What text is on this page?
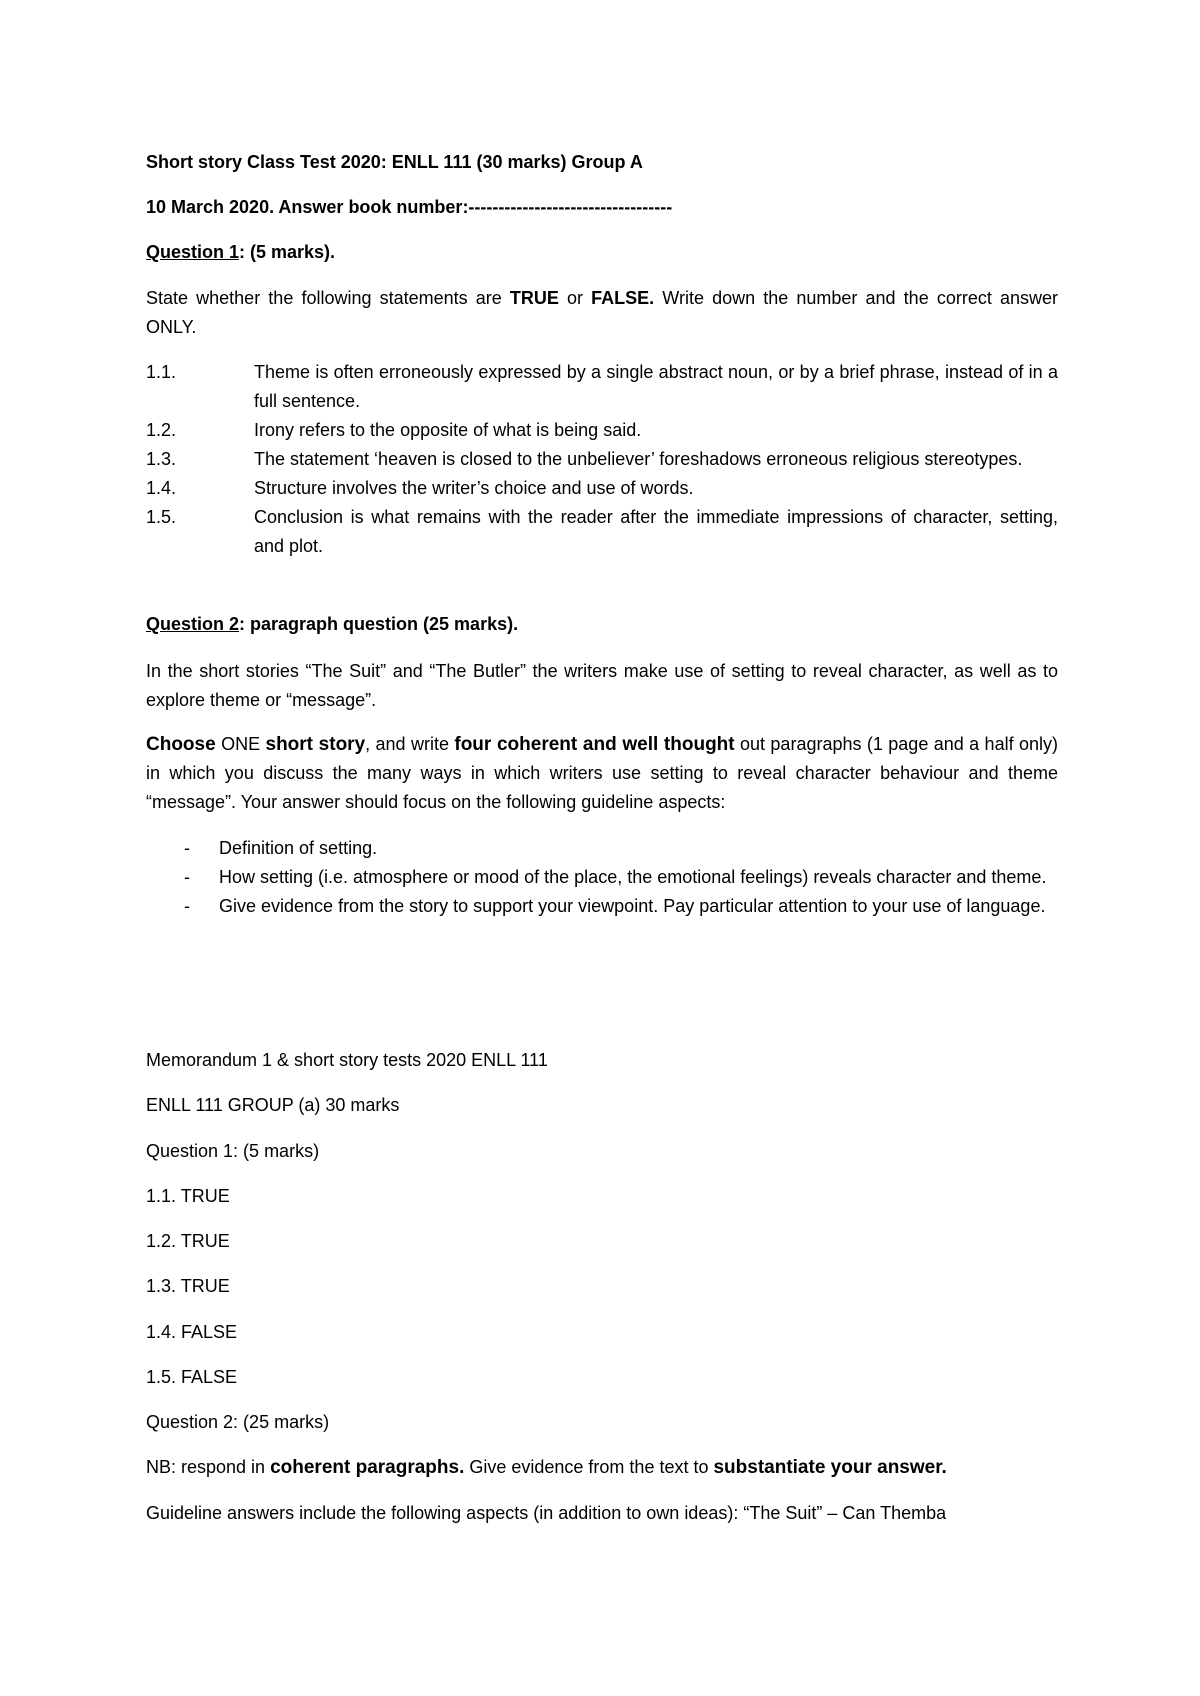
Short story Class Test 2020: ENLL 111 (30 marks) Group A
10 March 2020. Answer book number:----------------------------------
Question 1: (5 marks).
State whether the following statements are TRUE or FALSE. Write down the number and the correct answer ONLY.
1.1.	Theme is often erroneously expressed by a single abstract noun, or by a brief phrase, instead of in a full sentence.
1.2.	Irony refers to the opposite of what is being said.
1.3.	The statement ‘heaven is closed to the unbeliever’ foreshadows erroneous religious stereotypes.
1.4.	Structure involves the writer’s choice and use of words.
1.5.	Conclusion is what remains with the reader after the immediate impressions of character, setting, and plot.
Question 2: paragraph question (25 marks).
In the short stories “The Suit” and “The Butler” the writers make use of setting to reveal character, as well as to explore theme or “message”.
Choose ONE short story, and write four coherent and well thought out paragraphs (1 page and a half only) in which you discuss the many ways in which writers use setting to reveal character behaviour and theme “message”. Your answer should focus on the following guideline aspects:
- Definition of setting.
- How setting (i.e. atmosphere or mood of the place, the emotional feelings) reveals character and theme.
- Give evidence from the story to support your viewpoint. Pay particular attention to your use of language.
Memorandum 1 & short story tests 2020 ENLL 111
ENLL 111 GROUP (a) 30 marks
Question 1: (5 marks)
1.1. TRUE
1.2. TRUE
1.3. TRUE
1.4. FALSE
1.5. FALSE
Question 2: (25 marks)
NB: respond in coherent paragraphs. Give evidence from the text to substantiate your answer.
Guideline answers include the following aspects (in addition to own ideas): “The Suit” – Can Themba
